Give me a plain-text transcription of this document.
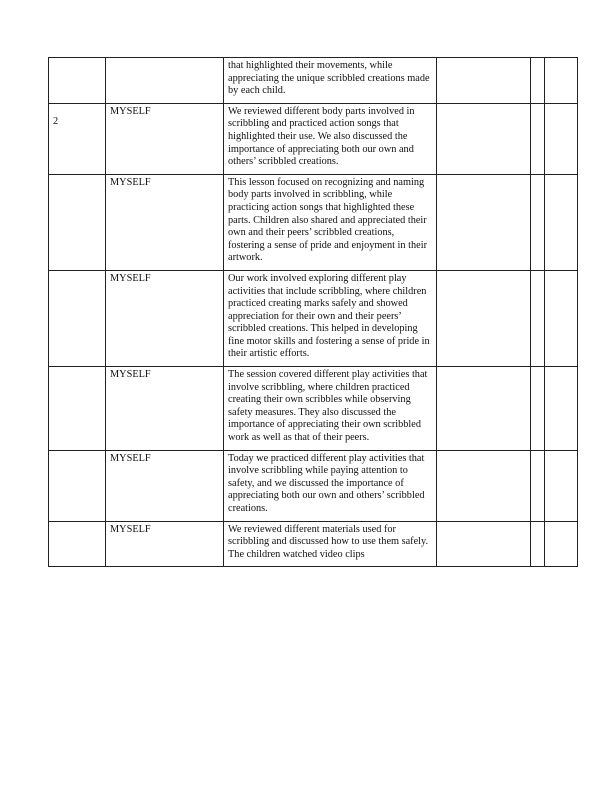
		that highlighted their movements, while appreciating the unique scribbled creations made by each child.			

2	MYSELF	We reviewed different body parts involved in scribbling and practiced action songs that highlighted their use. We also discussed the importance of appreciating both our own and others’ scribbled creations.			

	MYSELF	This lesson focused on recognizing and naming body parts involved in scribbling, while practicing action songs that highlighted these parts. Children also shared and appreciated their own and their peers’ scribbled creations, fostering a sense of pride and enjoyment in their artwork.			

	MYSELF	Our work involved exploring different play activities that include scribbling, where children practiced creating marks safely and showed appreciation for their own and their peers’ scribbled creations. This helped in developing fine motor skills and fostering a sense of pride in their artistic efforts.			

	MYSELF	The session covered different play activities that involve scribbling, where children practiced creating their own scribbles while observing safety measures. They also discussed the importance of appreciating their own scribbled work as well as that of their peers.			

	MYSELF	Today we practiced different play activities that involve scribbling while paying attention to safety, and we discussed the importance of appreciating both our own and others’ scribbled creations.			

	MYSELF	We reviewed different materials used for scribbling and discussed how to use them safely. The children watched video clips			
